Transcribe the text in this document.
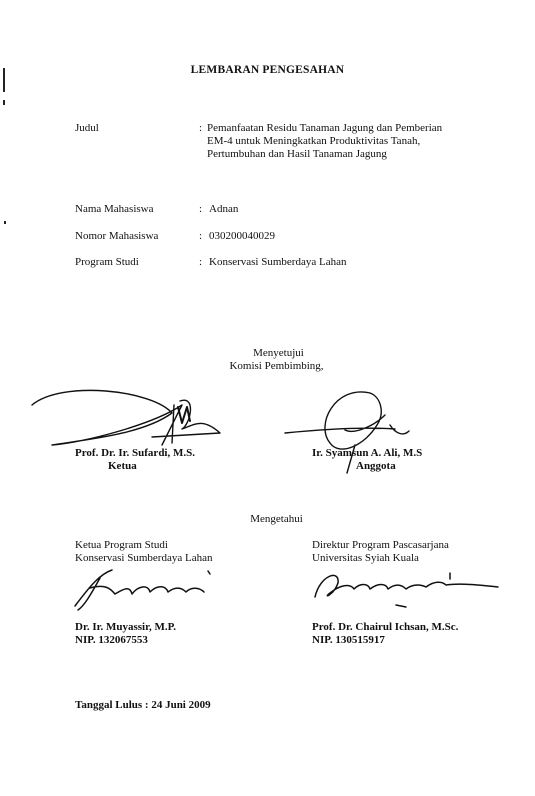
LEMBARAN PENGESAHAN
Judul	: Pemanfaatan Residu Tanaman Jagung dan Pemberian
EM-4 untuk Meningkatkan Produktivitas Tanah,
Pertumbuhan dan Hasil Tanaman Jagung
Nama Mahasiswa	: Adnan
Nomor Mahasiswa	: 030200040029
Program Studi	: Konservasi Sumberdaya Lahan
Menyetujui
Komisi Pembimbing,
Prof. Dr. Ir. Sufardi, M.S.
Ketua
Ir. Syamsun A. Ali, M.S
Anggota
Mengetahui
Ketua Program Studi
Konservasi Sumberdaya Lahan
Dr. Ir. Muyassir, M.P.
NIP. 132067553
Direktur Program Pascasarjana
Universitas Syiah Kuala
Prof. Dr. Chairul Ichsan, M.Sc.
NIP. 130515917
Tanggal Lulus : 24 Juni 2009
